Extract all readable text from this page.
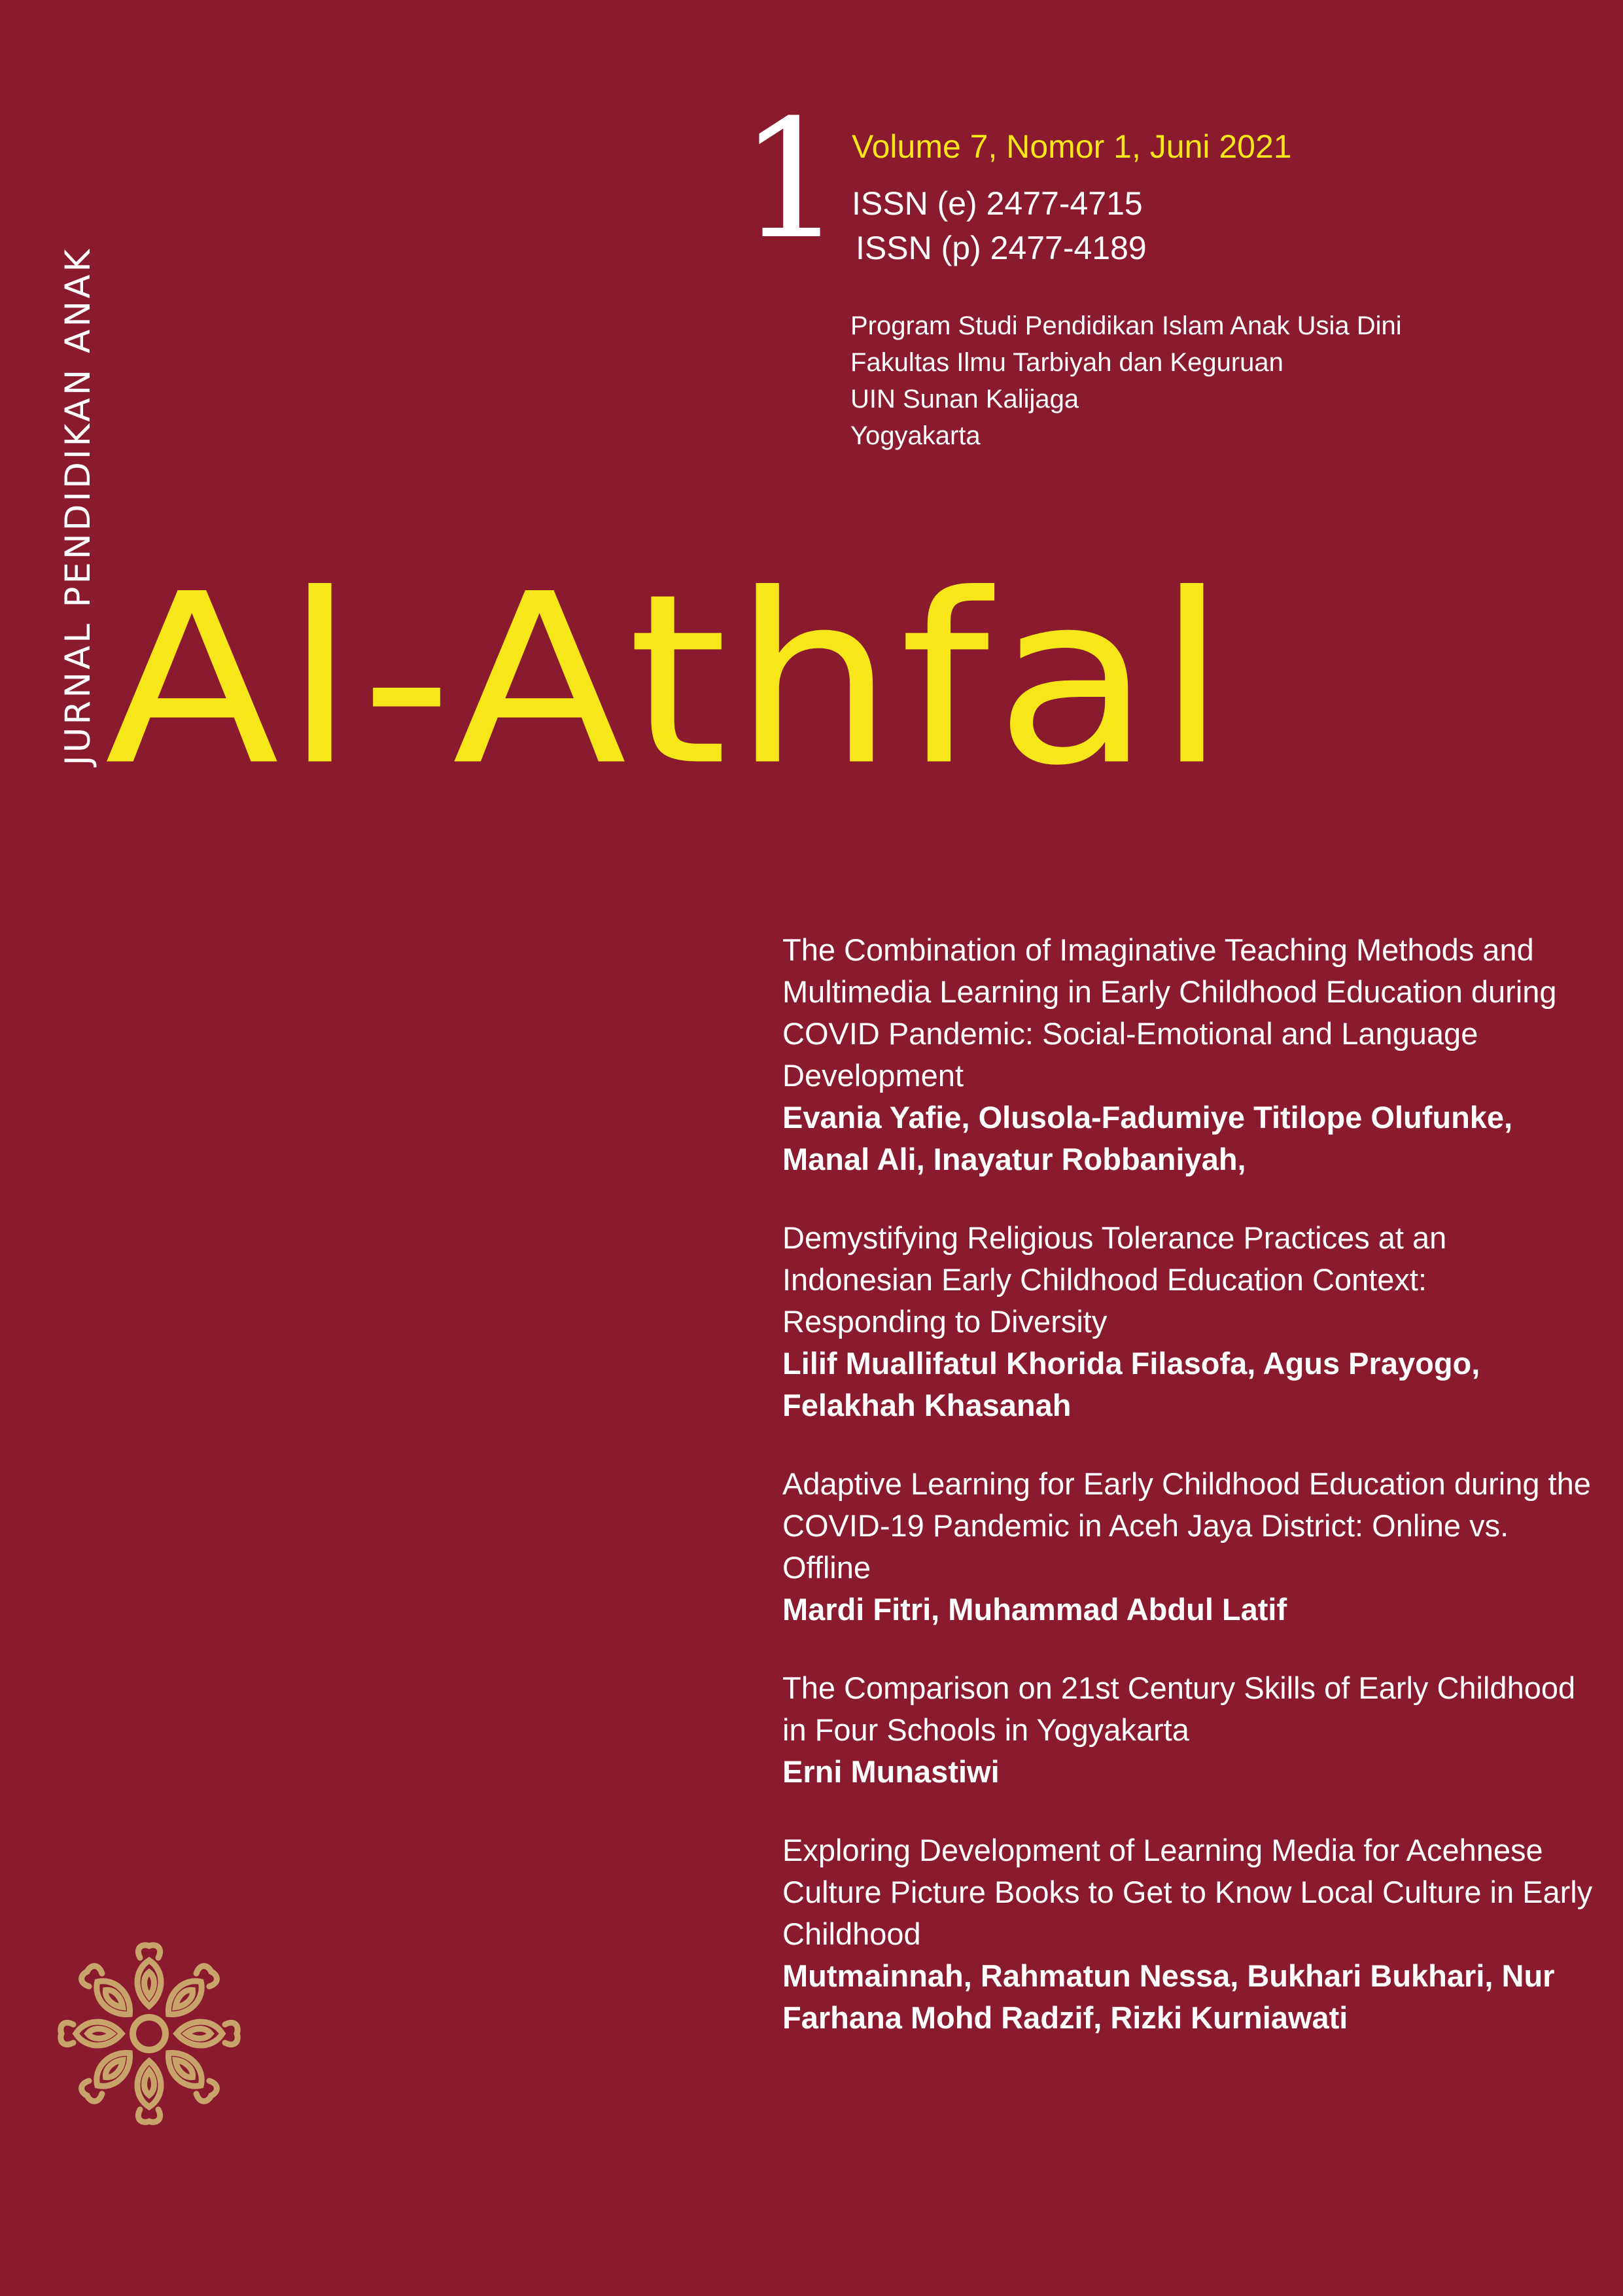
JURNAL PENDIDIKAN ANAK
1 Volume 7, Nomor 1, Juni 2021
ISSN (e) 2477-4715
ISSN (p) 2477-4189
Program Studi Pendidikan Islam Anak Usia Dini
Fakultas Ilmu Tarbiyah dan Keguruan
UIN Sunan Kalijaga
Yogyakarta
Al-Athfal
The Combination of Imaginative Teaching Methods and Multimedia Learning in Early Childhood Education during COVID Pandemic: Social-Emotional and Language Development
Evania Yafie, Olusola-Fadumiye Titilope Olufunke, Manal Ali, Inayatur Robbaniyah,
Demystifying Religious Tolerance Practices at an Indonesian Early Childhood Education Context: Responding to Diversity
Lilif Muallifatul Khorida Filasofa, Agus Prayogo, Felakhah Khasanah
Adaptive Learning for Early Childhood Education during the COVID-19 Pandemic in Aceh Jaya District: Online vs. Offline
Mardi Fitri, Muhammad Abdul Latif
The Comparison on 21st Century Skills of Early Childhood in Four Schools in Yogyakarta
Erni Munastiwi
Exploring Development of Learning Media for Acehnese Culture Picture Books to Get to Know Local Culture in Early Childhood
Mutmainnah, Rahmatun Nessa, Bukhari Bukhari, Nur Farhana Mohd Radzif, Rizki Kurniawati
